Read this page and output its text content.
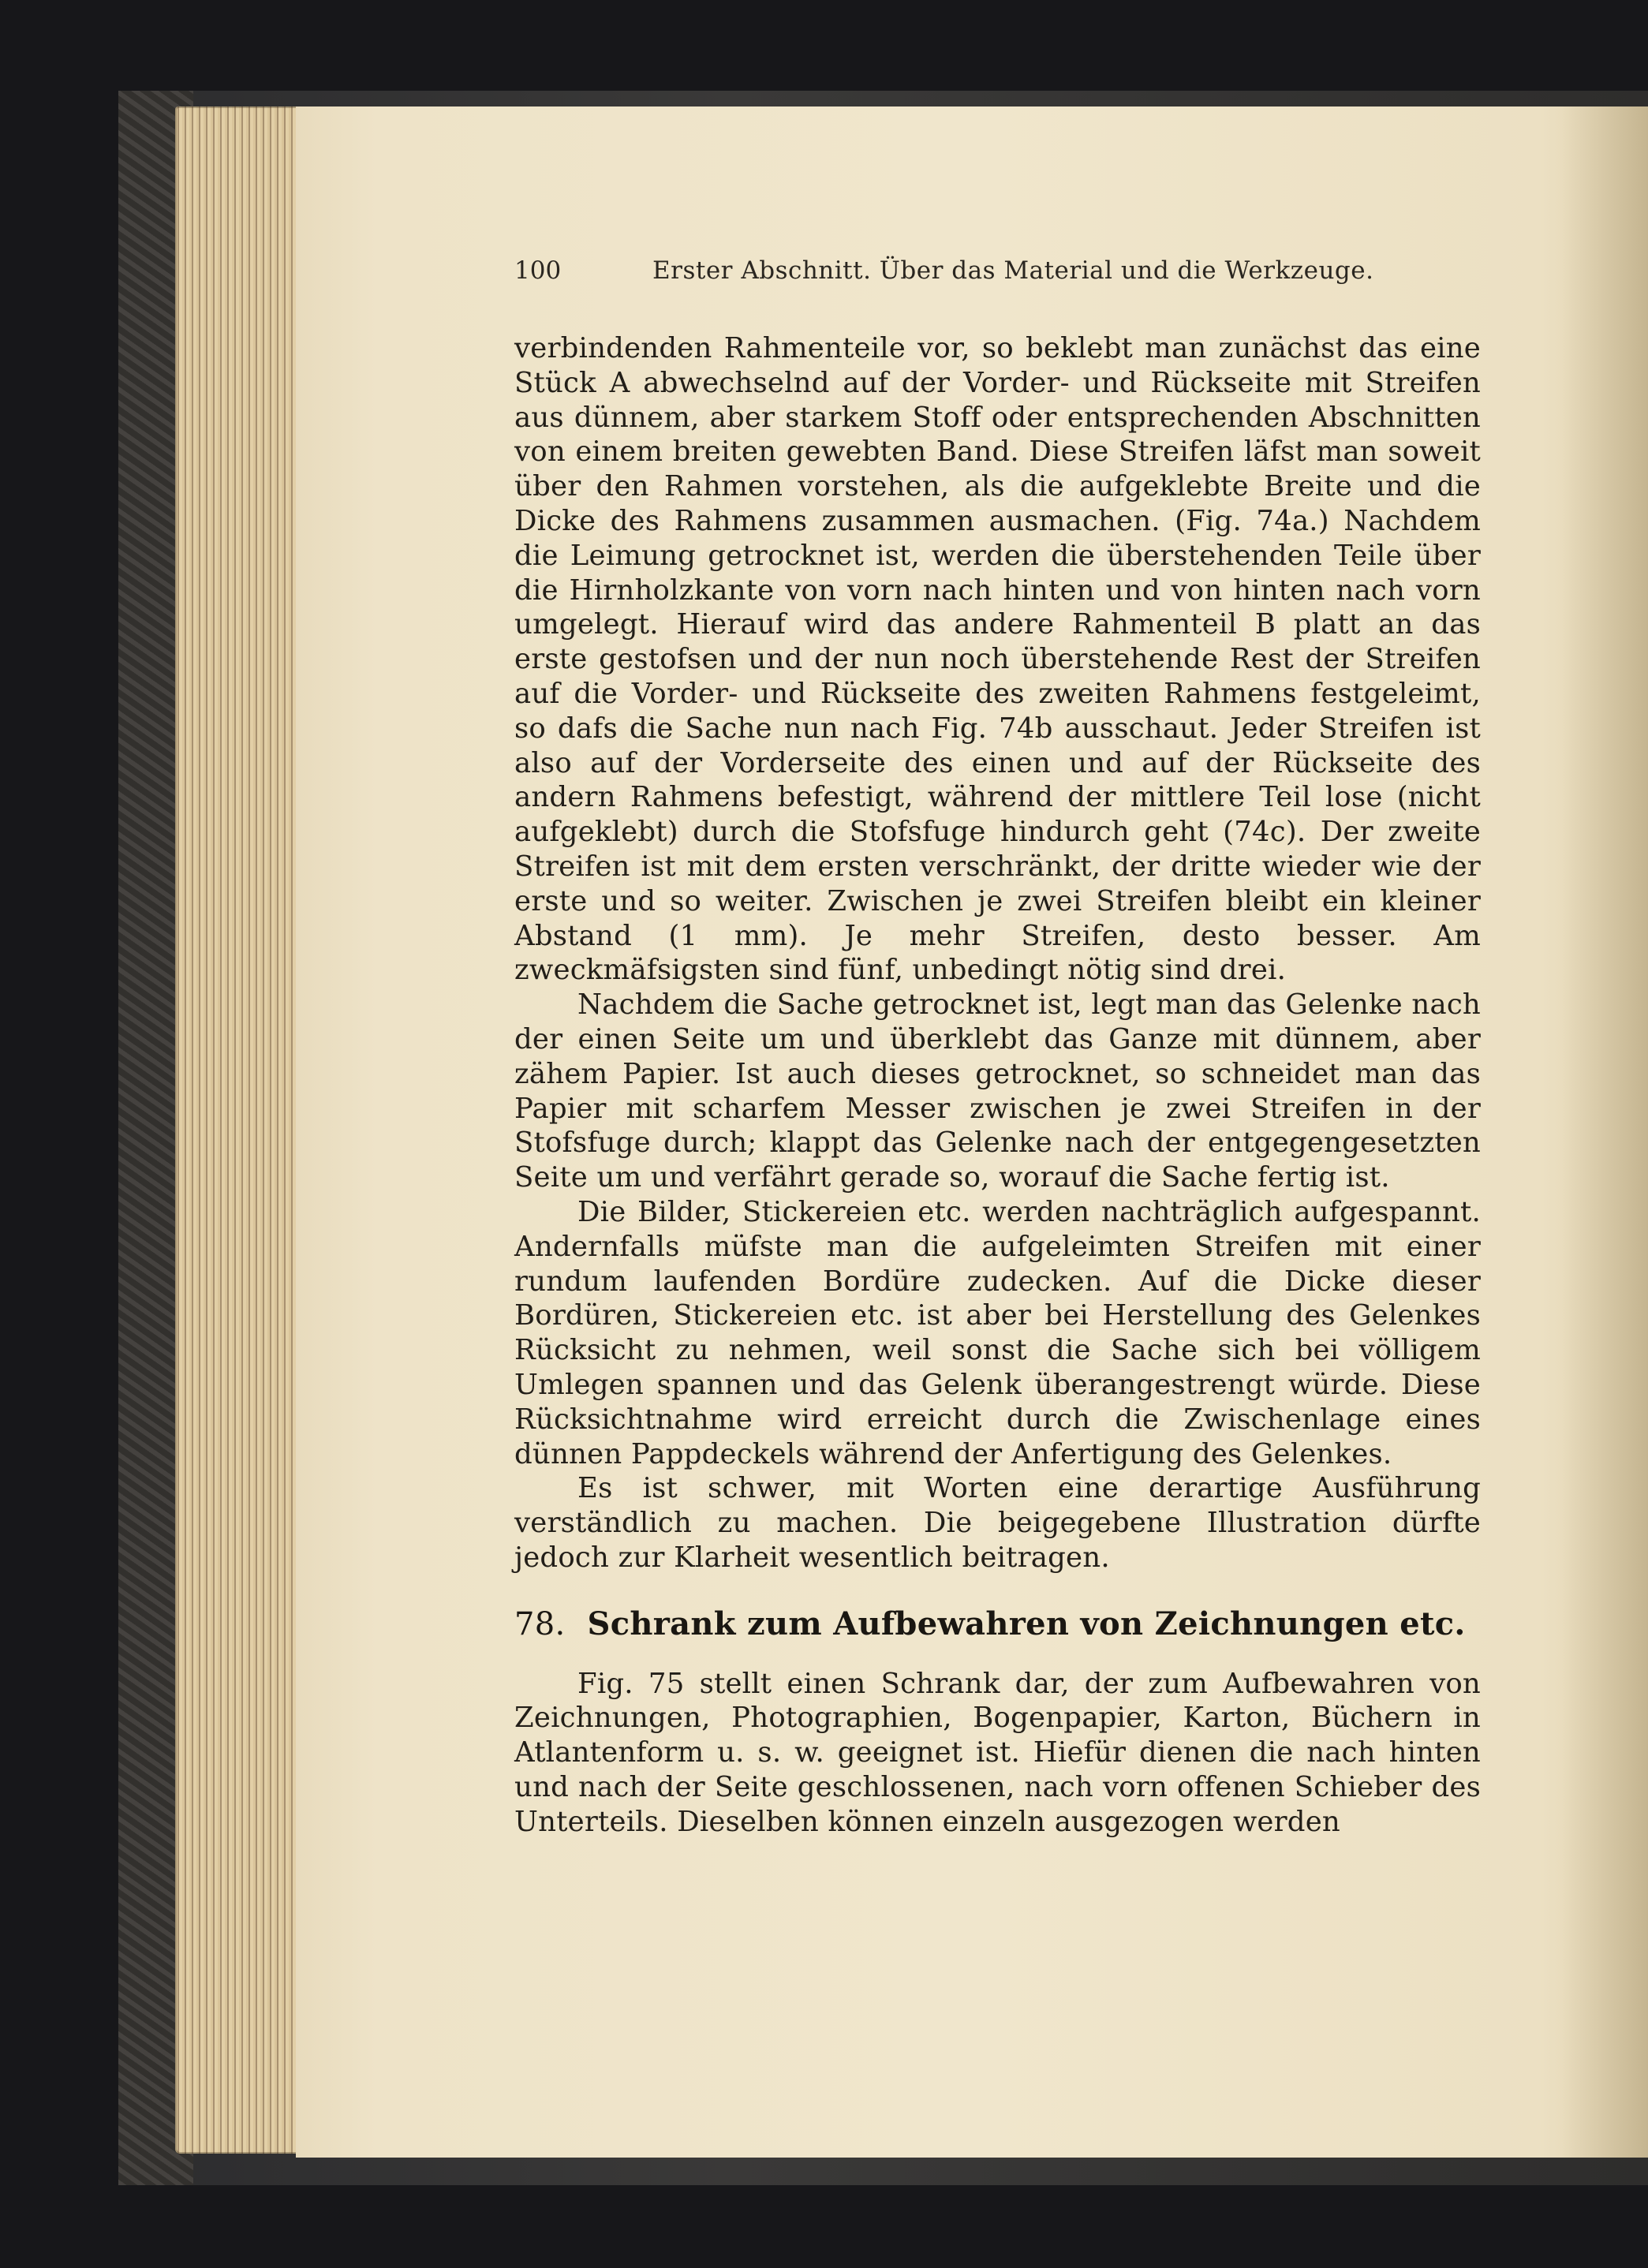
100	Erster Abschnitt. Über das Material und die Werkzeuge.

verbindenden Rahmenteile vor, so beklebt man zunächst das eine Stück A abwechselnd auf der Vorder- und Rückseite mit Streifen aus dünnem, aber starkem Stoff oder entsprechenden Abschnitten von einem breiten gewebten Band. Diese Streifen läfst man soweit über den Rahmen vorstehen, als die aufgeklebte Breite und die Dicke des Rahmens zusammen ausmachen. (Fig. 74a.) Nachdem die Leimung getrocknet ist, werden die überstehenden Teile über die Hirnholzkante von vorn nach hinten und von hinten nach vorn umgelegt. Hierauf wird das andere Rahmenteil B platt an das erste gestofsen und der nun noch überstehende Rest der Streifen auf die Vorder- und Rückseite des zweiten Rahmens festgeleimt, so dafs die Sache nun nach Fig. 74b ausschaut. Jeder Streifen ist also auf der Vorderseite des einen und auf der Rückseite des andern Rahmens befestigt, während der mittlere Teil lose (nicht aufgeklebt) durch die Stofsfuge hindurch geht (74c). Der zweite Streifen ist mit dem ersten verschränkt, der dritte wieder wie der erste und so weiter. Zwischen je zwei Streifen bleibt ein kleiner Abstand (1 mm). Je mehr Streifen, desto besser. Am zweckmäfsigsten sind fünf, unbedingt nötig sind drei.

Nachdem die Sache getrocknet ist, legt man das Gelenke nach der einen Seite um und überklebt das Ganze mit dünnem, aber zähem Papier. Ist auch dieses getrocknet, so schneidet man das Papier mit scharfem Messer zwischen je zwei Streifen in der Stofsfuge durch; klappt das Gelenke nach der entgegengesetzten Seite um und verfährt gerade so, worauf die Sache fertig ist.

Die Bilder, Stickereien etc. werden nachträglich aufgespannt. Andernfalls müfste man die aufgeleimten Streifen mit einer rundum laufenden Bordüre zudecken. Auf die Dicke dieser Bordüren, Stickereien etc. ist aber bei Herstellung des Gelenkes Rücksicht zu nehmen, weil sonst die Sache sich bei völligem Umlegen spannen und das Gelenk überangestrengt würde. Diese Rücksichtnahme wird erreicht durch die Zwischenlage eines dünnen Pappdeckels während der Anfertigung des Gelenkes.

Es ist schwer, mit Worten eine derartige Ausführung verständlich zu machen. Die beigegebene Illustration dürfte jedoch zur Klarheit wesentlich beitragen.

78. Schrank zum Aufbewahren von Zeichnungen etc.

Fig. 75 stellt einen Schrank dar, der zum Aufbewahren von Zeichnungen, Photographien, Bogenpapier, Karton, Büchern in Atlantenform u. s. w. geeignet ist. Hiefür dienen die nach hinten und nach der Seite geschlossenen, nach vorn offenen Schieber des Unterteils. Dieselben können einzeln ausgezogen werden
